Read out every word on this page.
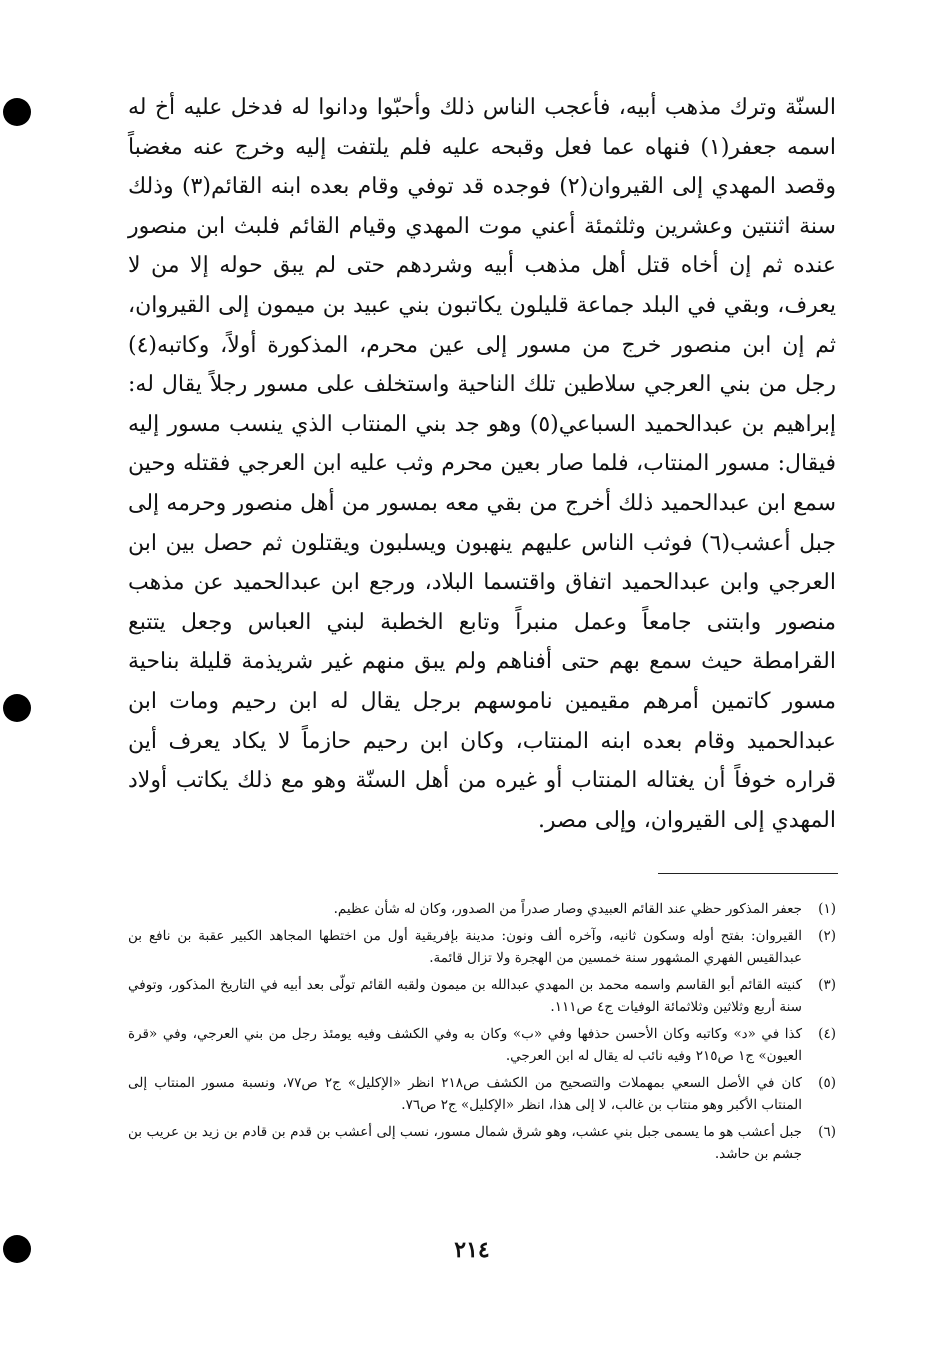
السنّة وترك مذهب أبيه، فأعجب الناس ذلك وأحبّوا ودانوا له فدخل عليه أخ له اسمه جعفر(١) فنهاه عما فعل وقبحه عليه فلم يلتفت إليه وخرج عنه مغضباً وقصد المهدي إلى القيروان(٢) فوجده قد توفي وقام بعده ابنه القائم(٣) وذلك سنة اثنتين وعشرين وثلثمئة أعني موت المهدي وقيام القائم فلبث ابن منصور عنده ثم إن أخاه قتل أهل مذهب أبيه وشردهم حتى لم يبق حوله إلا من لا يعرف، وبقي في البلد جماعة قليلون يكاتبون بني عبيد بن ميمون إلى القيروان، ثم إن ابن منصور خرج من مسور إلى عين محرم، المذكورة أولاً، وكاتبه(٤) رجل من بني العرجي سلاطين تلك الناحية واستخلف على مسور رجلاً يقال له: إبراهيم بن عبدالحميد السباعي(٥) وهو جد بني المنتاب الذي ينسب مسور إليه فيقال: مسور المنتاب، فلما صار بعين محرم وثب عليه ابن العرجي فقتله وحين سمع ابن عبدالحميد ذلك أخرج من بقي معه بمسور من أهل منصور وحرمه إلى جبل أعشب(٦) فوثب الناس عليهم ينهبون ويسلبون ويقتلون ثم حصل بين ابن العرجي وابن عبدالحميد اتفاق واقتسما البلاد، ورجع ابن عبدالحميد عن مذهب منصور وابتنى جامعاً وعمل منبراً وتابع الخطبة لبني العباس وجعل يتتبع القرامطة حيث سمع بهم حتى أفناهم ولم يبق منهم غير شريذمة قليلة بناحية مسور كاتمين أمرهم مقيمين ناموسهم برجل يقال له ابن رحيم ومات ابن عبدالحميد وقام بعده ابنه المنتاب، وكان ابن رحيم حازماً لا يكاد يعرف أين قراره خوفاً أن يغتاله المنتاب أو غيره من أهل السنّة وهو مع ذلك يكاتب أولاد المهدي إلى القيروان، وإلى مصر.

(١)
جعفر المذكور حظي عند القائم العبيدي وصار صدراً من الصدور، وكان له شأن عظيم.
(٢)
القيروان: بفتح أوله وسكون ثانيه، وآخره ألف ونون: مدينة بإفريقية أول من اختطها المجاهد الكبير عقبة بن نافع بن عبدالقيس الفهري المشهور سنة خمسين من الهجرة ولا تزال قائمة.
(٣)
كنيته القائم أبو القاسم واسمه محمد بن المهدي عبدالله بن ميمون ولقبه القائم تولّى بعد أبيه في التاريخ المذكور، وتوفي سنة أربع وثلاثين وثلاثمائة الوفيات ج٤ ص١١١.
(٤)
كذا في «د» وكاتبه وكان الأحسن حذفها وفي «ب» وكان به وفي الكشف وفيه يومئذ رجل من بني العرجي، وفي «قرة العيون» ج١ ص٢١٥ وفيه نائب له يقال له ابن العرجي.
(٥)
كان في الأصل السعي بمهملات والتصحيح من الكشف ص٢١٨ انظر «الإكليل» ج٢ ص٧٧، ونسبة مسور المنتاب إلى المنتاب الأكبر وهو منتاب بن غالب، لا إلى هذا، انظر «الإكليل» ج٢ ص٧٦.
(٦)
جبل أعشب هو ما يسمى جبل بني عشب، وهو شرق شمال مسور، نسب إلى أعشب بن قدم بن قادم بن زيد بن عريب بن جشم بن حاشد.
٢١٤
